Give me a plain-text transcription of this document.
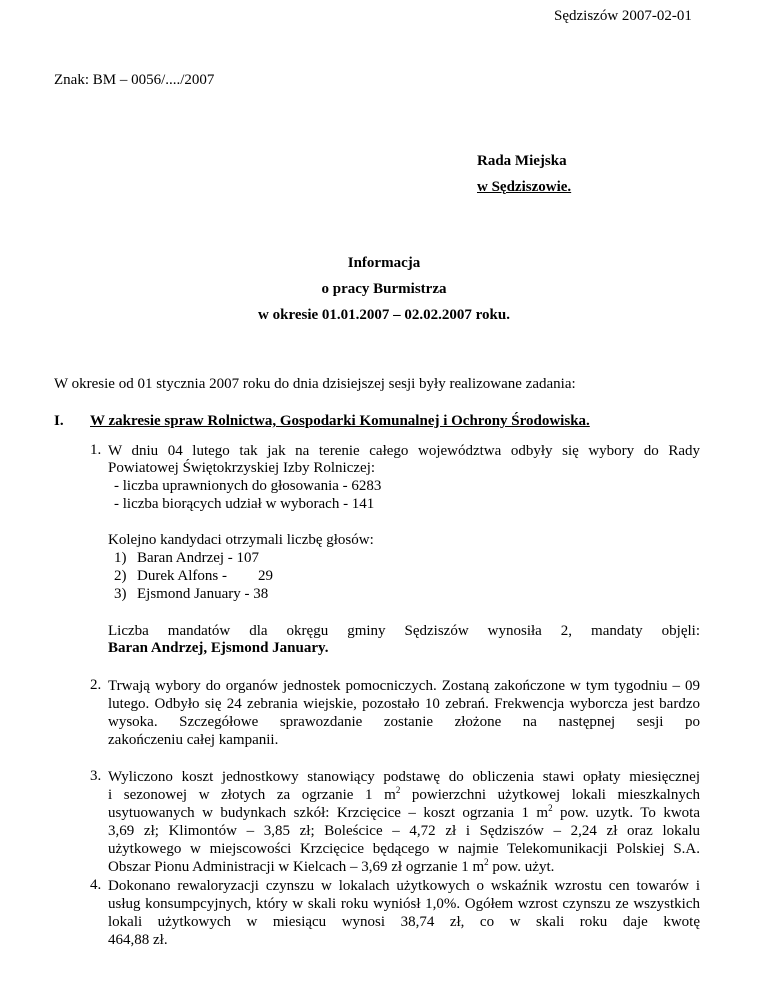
Sędziszów 2007-02-01
Znak: BM – 0056/..../2007
Rada Miejska
w Sędziszowie.
Informacja
o pracy Burmistrza
w okresie 01.01.2007 – 02.02.2007 roku.
W okresie od 01 stycznia 2007 roku do dnia dzisiejszej sesji były realizowane zadania:
I. W zakresie spraw Rolnictwa, Gospodarki Komunalnej i Ochrony Środowiska.
1. W dniu 04 lutego tak jak na terenie całego województwa odbyły się wybory do Rady
Powiatowej Świętokrzyskiej Izby Rolniczej:
- liczba uprawnionych do głosowania - 6283
- liczba biorących udział w wyborach - 141
Kolejno kandydaci otrzymali liczbę głosów:
1) Baran Andrzej - 107
2) Durek Alfons - 29
3) Ejsmond January - 38
Liczba mandatów dla okręgu gminy Sędziszów wynosiła 2, mandaty objęli:
Baran Andrzej, Ejsmond January.
2. Trwają wybory do organów jednostek pomocniczych. Zostaną zakończone w tym tygodniu – 09 lutego. Odbyło się 24 zebrania wiejskie, pozostało 10 zebrań. Frekwencja wyborcza jest bardzo wysoka. Szczegółowe sprawozdanie zostanie złożone na następnej sesji po
zakończeniu całej kampanii.
3. Wyliczono koszt jednostkowy stanowiący podstawę do obliczenia stawi opłaty miesięcznej
i sezonowej w złotych za ogrzanie 1 $m^2$ powierzchni użytkowej lokali mieszkalnych
usytuowanych w budynkach szkół: Krzcięcice – koszt ogrzania 1 $m^2$ pow. uzytk. To kwota
3,69 zł; Klimontów – 3,85 zł; Boleścice – 4,72 zł i Sędziszów – 2,24 zł oraz lokalu
użytkowego w miejscowości Krzcięcice będącego w najmie Telekomunikacji Polskiej S.A.
Obszar Pionu Administracji w Kielcach – 3,69 zł ogrzanie 1 $m^2$ pow. użyt.
4. Dokonano rewaloryzacji czynszu w lokalach użytkowych o wskaźnik wzrostu cen towarów i usług konsumpcyjnych, który w skali roku wyniósł 1,0%. Ogółem wzrost czynszu ze wszystkich lokali użytkowych w miesiącu wynosi 38,74 zł, co w skali roku daje kwotę
464,88 zł.
